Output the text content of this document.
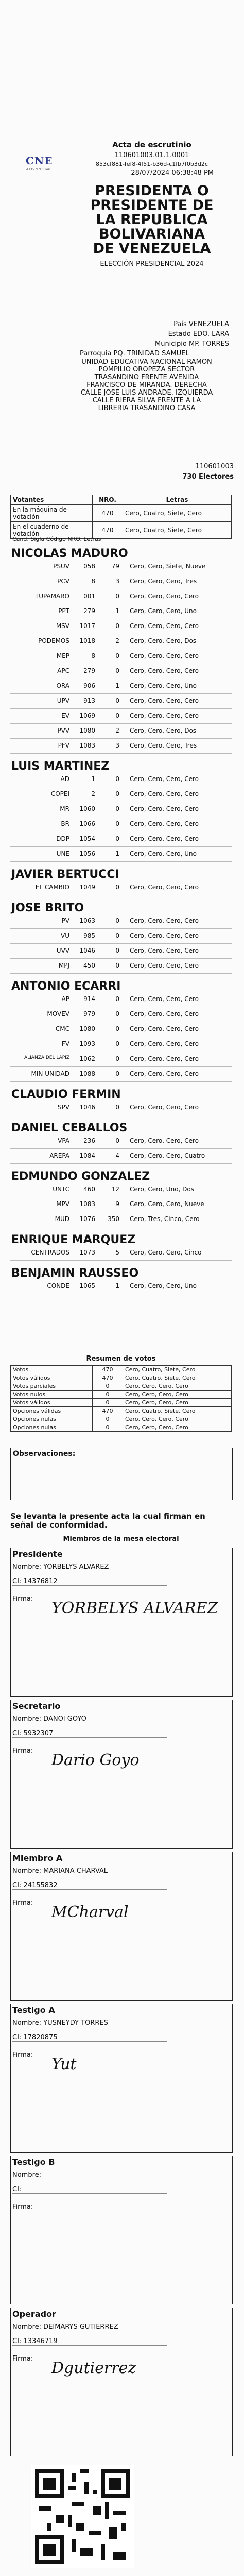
CNE
PODER ELECTORAL
Acta de escrutinio
110601003.01.1.0001
853cf881-fef8-4f51-b36d-c1fb7f0b3d2c
28/07/2024 06:38:48 PM
PRESIDENTA O PRESIDENTE DE LA REPUBLICA BOLIVARIANA DE VENEZUELA
ELECCIÓN PRESIDENCIAL 2024
País VENEZUELA
Estado EDO. LARA
Municipio MP. TORRES
Parroquia PQ. TRINIDAD SAMUEL
UNIDAD EDUCATIVA NACIONAL RAMON POMPILIO OROPEZA SECTOR TRASANDINO FRENTE AVENIDA FRANCISCO DE MIRANDA. DERECHA CALLE JOSE LUIS ANDRADE. IZQUIERDA CALLE RIERA SILVA FRENTE A LA LIBRERIA TRASANDINO CASA
110601003
730 Electores
Votantes	NRO.	Letras
En la máquina de votación	470	Cero, Cuatro, Siete, Cero
En el cuaderno de votación	470	Cero, Cuatro, Siete, Cero
Cand. Sigla Código NRO. Letras
NICOLAS MADURO
PSUV	058	79 Cero, Cero, Siete, Nueve
PCV	8	3 Cero, Cero, Cero, Tres
TUPAMARO	001	0 Cero, Cero, Cero, Cero
PPT	279	1 Cero, Cero, Cero, Uno
MSV	1017	0 Cero, Cero, Cero, Cero
PODEMOS	1018	2 Cero, Cero, Cero, Dos
MEP	8	0 Cero, Cero, Cero, Cero
APC	279	0 Cero, Cero, Cero, Cero
ORA	906	1 Cero, Cero, Cero, Uno
UPV	913	0 Cero, Cero, Cero, Cero
EV	1069	0 Cero, Cero, Cero, Cero
PVV	1080	2 Cero, Cero, Cero, Dos
PFV	1083	3 Cero, Cero, Cero, Tres
LUIS MARTINEZ
AD	1	0 Cero, Cero, Cero, Cero
COPEI	2	0 Cero, Cero, Cero, Cero
MR	1060	0 Cero, Cero, Cero, Cero
BR	1066	0 Cero, Cero, Cero, Cero
DDP	1054	0 Cero, Cero, Cero, Cero
UNE	1056	1 Cero, Cero, Cero, Uno
JAVIER BERTUCCI
EL CAMBIO	1049	0 Cero, Cero, Cero, Cero
JOSE BRITO
PV	1063	0 Cero, Cero, Cero, Cero
VU	985	0 Cero, Cero, Cero, Cero
UVV	1046	0 Cero, Cero, Cero, Cero
MPJ	450	0 Cero, Cero, Cero, Cero
ANTONIO ECARRI
AP	914	0 Cero, Cero, Cero, Cero
MOVEV	979	0 Cero, Cero, Cero, Cero
CMC	1080	0 Cero, Cero, Cero, Cero
FV	1093	0 Cero, Cero, Cero, Cero
ALIANZA DEL LAPIZ	1062	0 Cero, Cero, Cero, Cero
MIN UNIDAD	1088	0 Cero, Cero, Cero, Cero
CLAUDIO FERMIN
SPV	1046	0 Cero, Cero, Cero, Cero
DANIEL CEBALLOS
VPA	236	0 Cero, Cero, Cero, Cero
AREPA	1084	4 Cero, Cero, Cero, Cuatro
EDMUNDO GONZALEZ
UNTC	460	12 Cero, Cero, Uno, Dos
MPV	1083	9 Cero, Cero, Cero, Nueve
MUD	1076	350 Cero, Tres, Cinco, Cero
ENRIQUE MARQUEZ
CENTRADOS	1073	5 Cero, Cero, Cero, Cinco
BENJAMIN RAUSSEO
CONDE	1065	1 Cero, Cero, Cero, Uno
Resumen de votos
Votos	470	Cero, Cuatro, Siete, Cero
Votos válidos	470	Cero, Cuatro, Siete, Cero
Votos parciales	0	Cero, Cero, Cero, Cero
Votos nulos	0	Cero, Cero, Cero, Cero
Votos válidos	0	Cero, Cero, Cero, Cero
Opciones válidas	470	Cero, Cuatro, Siete, Cero
Opciones nulas	0	Cero, Cero, Cero, Cero
Opciones nulas	0	Cero, Cero, Cero, Cero
Observaciones:
Se levanta la presente acta la cual firman en señal de conformidad.
Miembros de la mesa electoral
Presidente
Nombre: YORBELYS ALVAREZ
CI: 14376812
Firma:
YORBELYS ALVAREZ
Secretario
Nombre: DANOI GOYO
CI: 5932307
Firma:
Dario Goyo
Miembro A
Nombre: MARIANA CHARVAL
CI: 24155832
Firma:
MCharval
Testigo A
Nombre: YUSNEYDY TORRES
CI: 17820875
Firma:
Yut
Testigo B
Nombre:
CI:
Firma:
Operador
Nombre: DEIMARYS GUTIERREZ
CI: 13346719
Firma:
Dgutierrez
